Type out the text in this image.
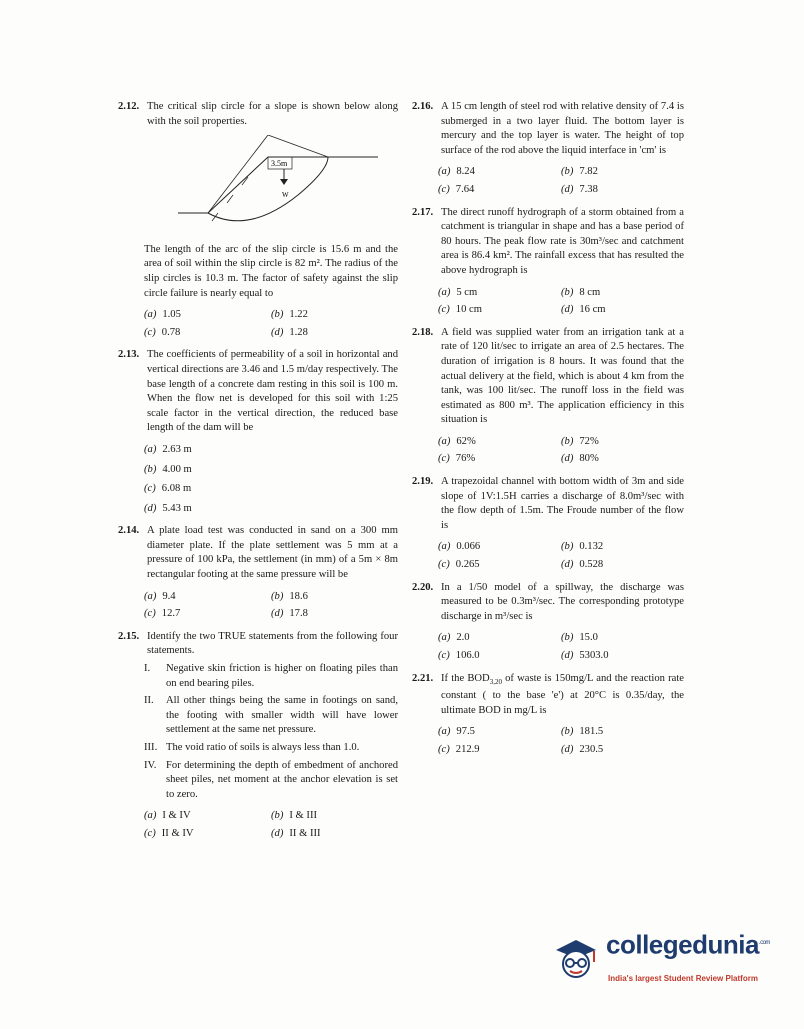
2.12. The critical slip circle for a slope is shown below along with the soil properties.
3.5m
W
The length of the arc of the slip circle is 15.6 m and the area of soil within the slip circle is 82 m². The radius of the slip circles is 10.3 m. The factor of safety against the slip circle failure is nearly equal to
(a) 1.05	(b) 1.22
(c) 0.78	(d) 1.28
2.13. The coefficients of permeability of a soil in horizontal and vertical directions are 3.46 and 1.5 m/day respectively. The base length of a concrete dam resting in this soil is 100 m. When the flow net is developed for this soil with 1:25 scale factor in the vertical direction, the reduced base length of the dam will be
(a) 2.63 m
(b) 4.00 m
(c) 6.08 m
(d) 5.43 m
2.14. A plate load test was conducted in sand on a 300 mm diameter plate. If the plate settlement was 5 mm at a pressure of 100 kPa, the settlement (in mm) of a 5m × 8m rectangular footing at the same pressure will be
(a) 9.4	(b) 18.6
(c) 12.7	(d) 17.8
2.15. Identify the two TRUE statements from the following four statements.
I.	Negative skin friction is higher on floating piles than on end bearing piles.
II.	All other things being the same in footings on sand, the footing with smaller width will have lower settlement at the same net pressure.
III. The void ratio of soils is always less than 1.0.
IV. For determining the depth of embedment of anchored sheet piles, net moment at the anchor elevation is set to zero.
(a) I & IV	(b) I & III
(c) II & IV	(d) II & III
2.16. A 15 cm length of steel rod with relative density of 7.4 is submerged in a two layer fluid. The bottom layer is mercury and the top layer is water. The height of top surface of the rod above the liquid interface in 'cm' is
(a) 8.24	(b) 7.82
(c) 7.64	(d) 7.38
2.17. The direct runoff hydrograph of a storm obtained from a catchment is triangular in shape and has a base period of 80 hours. The peak flow rate is 30m³/sec and catchment area is 86.4 km². The rainfall excess that has resulted the above hydrograph is
(a) 5 cm	(b) 8 cm
(c) 10 cm	(d) 16 cm
2.18. A field was supplied water from an irrigation tank at a rate of 120 lit/sec to irrigate an area of 2.5 hectares. The duration of irrigation is 8 hours. It was found that the actual delivery at the field, which is about 4 km from the tank, was 100 lit/sec. The runoff loss in the field was estimated as 800 m³. The application efficiency in this situation is
(a) 62%	(b) 72%
(c) 76%	(d) 80%
2.19. A trapezoidal channel with bottom width of 3m and side slope of 1V:1.5H carries a discharge of 8.0m³/sec with the flow depth of 1.5m. The Froude number of the flow is
(a) 0.066	(b) 0.132
(c) 0.265	(d) 0.528
2.20. In a 1/50 model of a spillway, the discharge was measured to be 0.3m³/sec. The corresponding prototype discharge in m³/sec is
(a) 2.0	(b) 15.0
(c) 106.0	(d) 5303.0
2.21. If the $BOD_{3,20}$ of waste is 150mg/L and the reaction rate constant ( to the base 'e') at 20°C is 0.35/day, the ultimate BOD in mg/L is
(a) 97.5	(b) 181.5
(c) 212.9	(d) 230.5
collegedunia$^{.com}$
India's largest Student Review Platform
